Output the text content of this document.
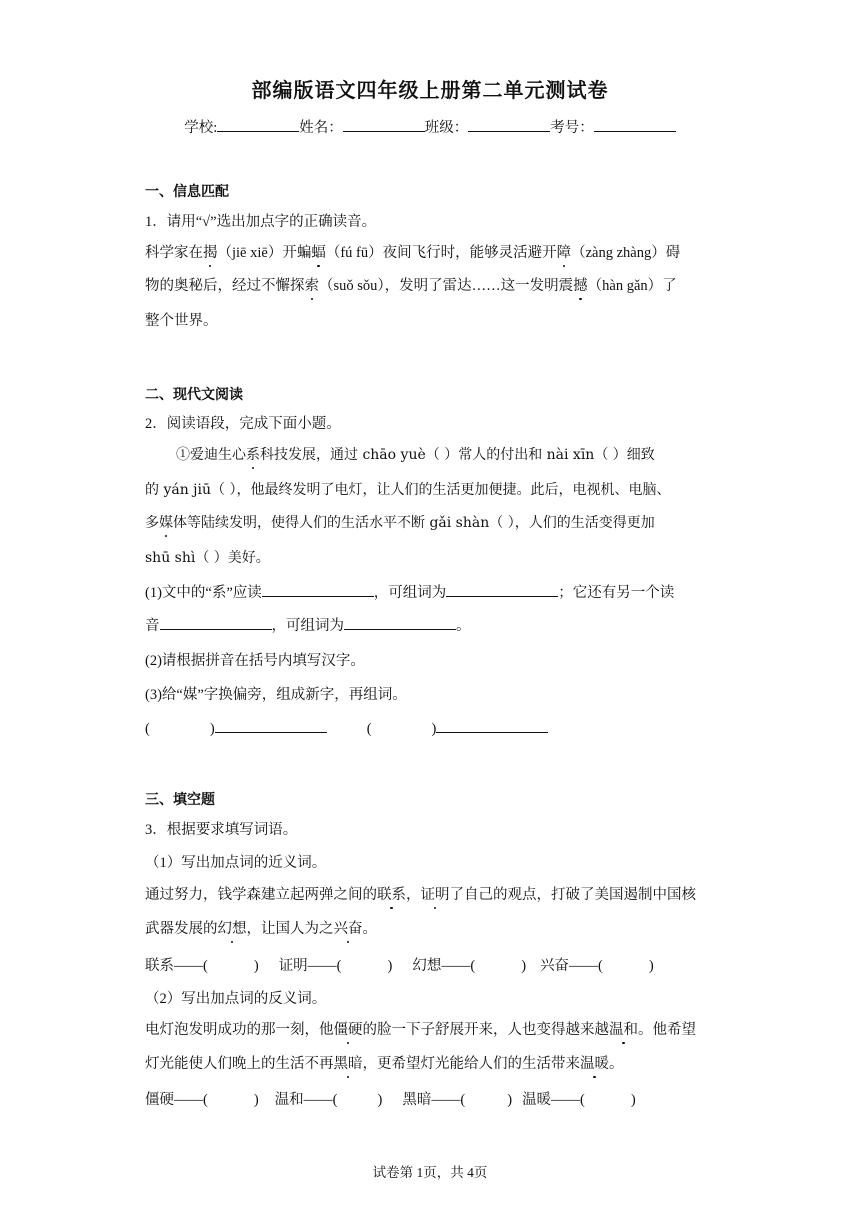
部编版语文四年级上册第二单元测试卷
学校:	姓名：	班级：	考号：
一、信息匹配
1．请用“√”选出加点字的正确读音。
科学家在揭（jiē xiē）开蝙蝠（fú fū）夜间飞行时，能够灵活避开障（zàng zhàng）碍
物的奥秘后，经过不懈探索（suǒ sǒu），发明了雷达……这一发明震撼（hàn gǎn）了
整个世界。
二、现代文阅读
2．阅读语段，完成下面小题。
①爱迪生心系科技发展，通过 chāo yuè（ ）常人的付出和 nài xīn（ ）细致
的 yán jiū（ ），他最终发明了电灯，让人们的生活更加便捷。此后，电视机、电脑、
多媒体等陆续发明，使得人们的生活水平不断 gǎi shàn（ ），人们的生活变得更加
shū shì（ ）美好。
(1)文中的“系”应读	，可组词为	；它还有另一个读
音	，可组词为	。
(2)请根据拼音在括号内填写汉字。
(3)给“媒”字换偏旁，组成新字，再组词。
(	)	(	)
三、填空题
3．根据要求填写词语。
（1）写出加点词的近义词。
通过努力，钱学森建立起两弹之间的联系，证明了自己的观点，打破了美国遏制中国核
武器发展的幻想，让国人为之兴奋。
联系——(	) 证明——(	) 幻想——(	) 兴奋——(	)
（2）写出加点词的反义词。
电灯泡发明成功的那一刻，他僵硬的脸一下子舒展开来，人也变得越来越温和。他希望
灯光能使人们晚上的生活不再黑暗，更希望灯光能给人们的生活带来温暖。
僵硬——(	) 温和——(	) 黑暗——(	) 温暖——(	)
试卷第 1页，共 4页
